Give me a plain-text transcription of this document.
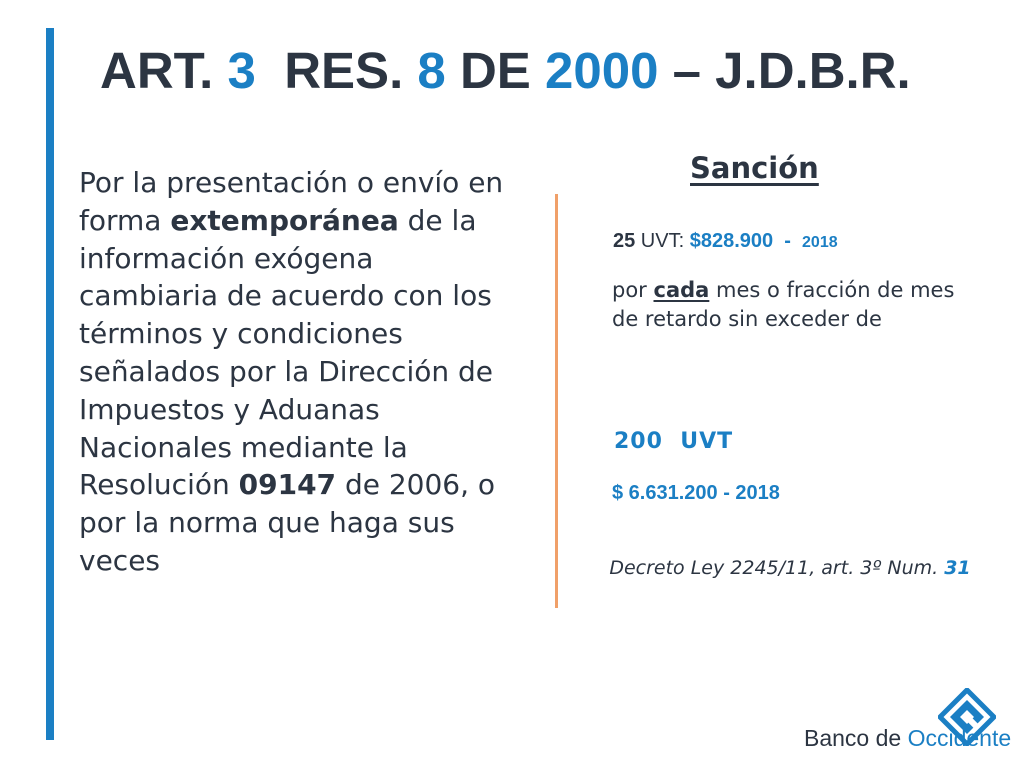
ART. 3  RES. 8 DE 2000 – J.D.B.R.

Por la presentación o envío en forma extemporánea de la información exógena cambiaria de acuerdo con los términos y condiciones señalados por la Dirección de Impuestos y Aduanas Nacionales mediante la Resolución 09147 de 2006, o por la norma que haga sus veces

Sanción
25 UVT: $828.900  -  2018

por cada mes o fracción de mes de retardo sin exceder de

200  UVT
$ 6.631.200 - 2018

Decreto Ley 2245/11, art. 3º Num. 31

Banco de Occidente
